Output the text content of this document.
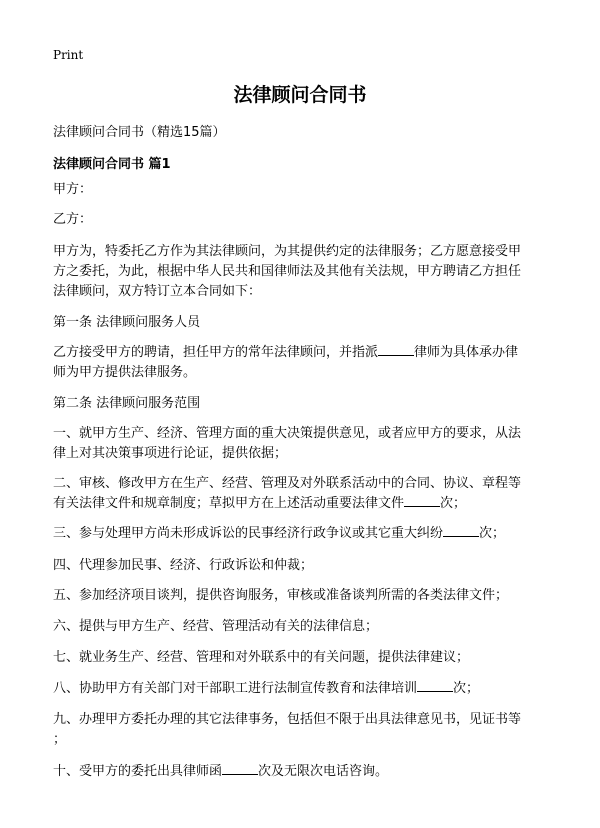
Print
法律顾问合同书
法律顾问合同书（精选15篇）
法律顾问合同书 篇1
甲方：
乙方：
甲方为，特委托乙方作为其法律顾问，为其提供约定的法律服务；乙方愿意接受甲
方之委托，为此，根据中华人民共和国律师法及其他有关法规，甲方聘请乙方担任
法律顾问，双方特订立本合同如下：
第一条 法律顾问服务人员
乙方接受甲方的聘请，担任甲方的常年法律顾问，并指派	律师为具体承办律
师为甲方提供法律服务。
第二条 法律顾问服务范围
一、就甲方生产、经济、管理方面的重大决策提供意见，或者应甲方的要求，从法
律上对其决策事项进行论证，提供依据；
二、审核、修改甲方在生产、经营、管理及对外联系活动中的合同、协议、章程等
有关法律文件和规章制度；草拟甲方在上述活动重要法律文件	次；
三、参与处理甲方尚未形成诉讼的民事经济行政争议或其它重大纠纷	次；
四、代理参加民事、经济、行政诉讼和仲裁；
五、参加经济项目谈判，提供咨询服务，审核或准备谈判所需的各类法律文件；
六、提供与甲方生产、经营、管理活动有关的法律信息；
七、就业务生产、经营、管理和对外联系中的有关问题，提供法律建议；
八、协助甲方有关部门对干部职工进行法制宣传教育和法律培训	次；
九、办理甲方委托办理的其它法律事务，包括但不限于出具法律意见书，见证书等
；
十、受甲方的委托出具律师函	次及无限次电话咨询。
